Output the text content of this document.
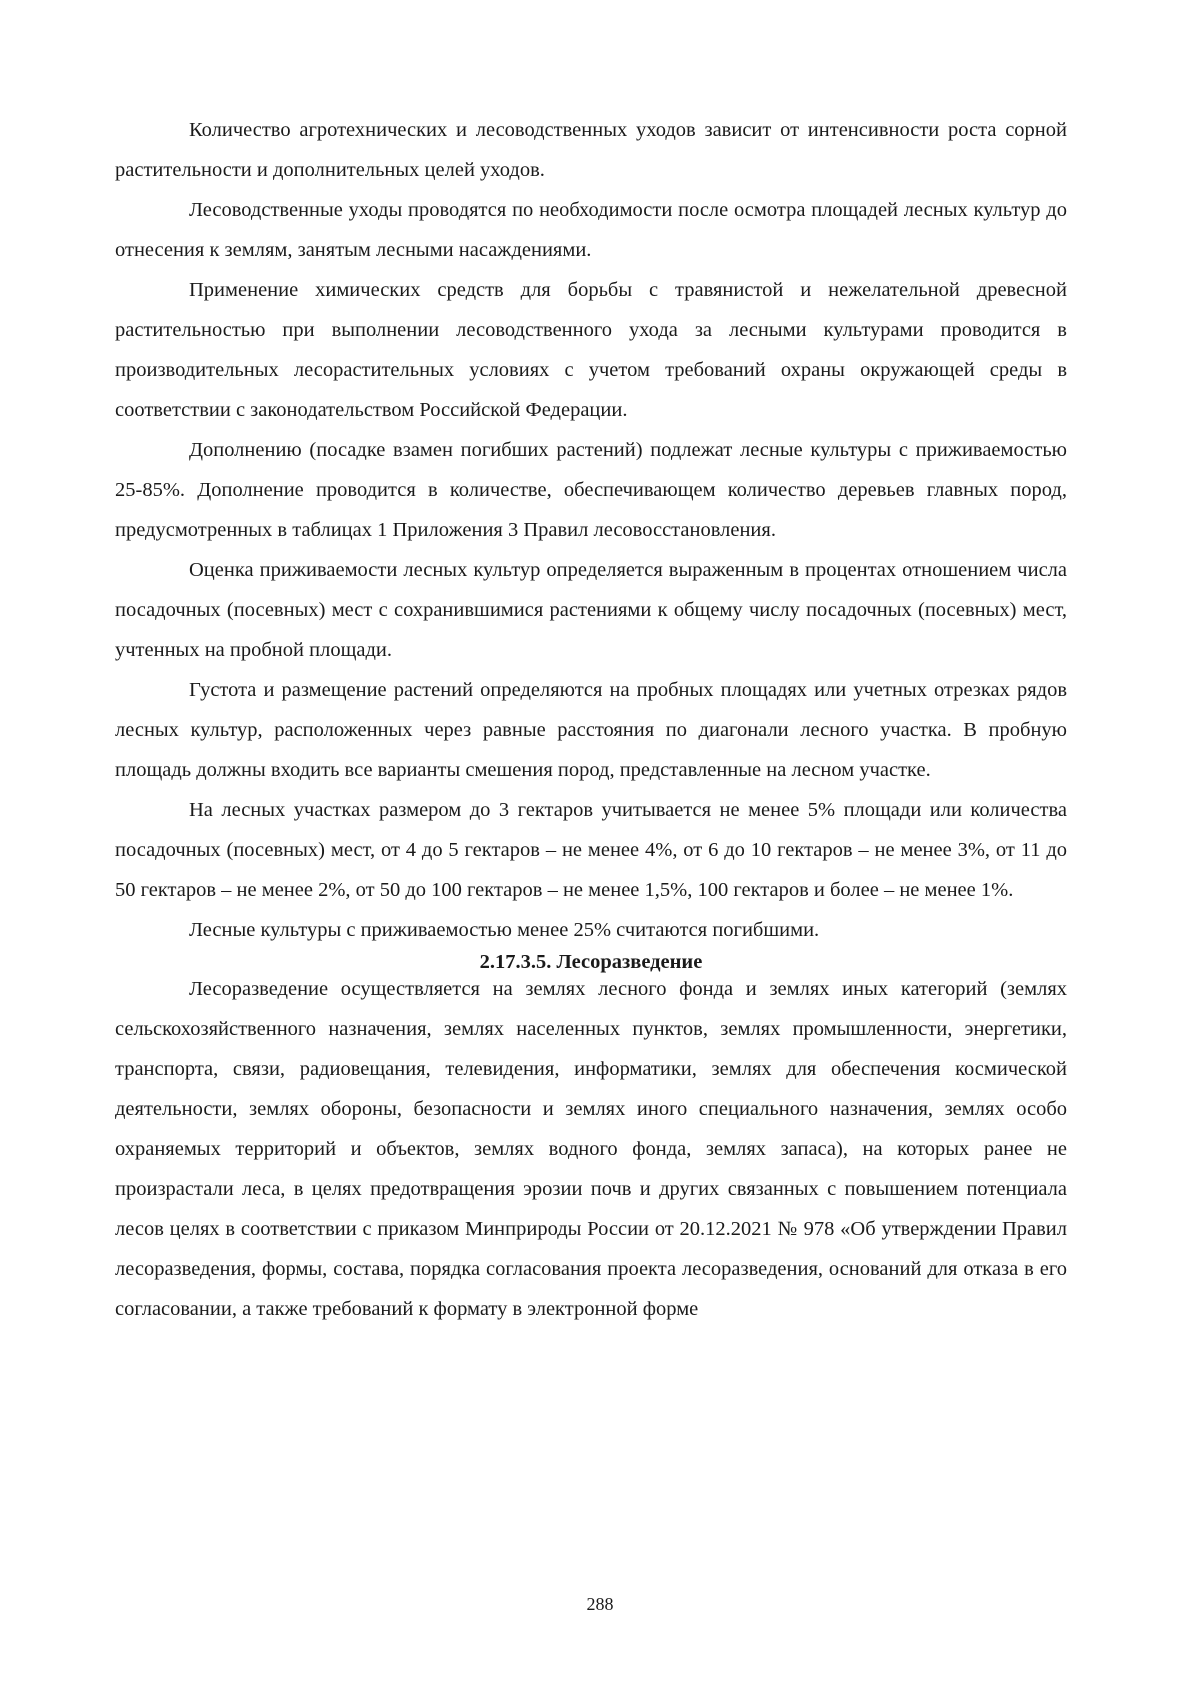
Количество агротехнических и лесоводственных уходов зависит от интенсивности роста сорной растительности и дополнительных целей уходов.

Лесоводственные уходы проводятся по необходимости после осмотра площадей лесных культур до отнесения к землям, занятым лесными насаждениями.

Применение химических средств для борьбы с травянистой и нежелательной древесной растительностью при выполнении лесоводственного ухода за лесными культурами проводится в производительных лесорастительных условиях с учетом требований охраны окружающей среды в соответствии с законодательством Российской Федерации.

Дополнению (посадке взамен погибших растений) подлежат лесные культуры с приживаемостью 25-85%. Дополнение проводится в количестве, обеспечивающем количество деревьев главных пород, предусмотренных в таблицах 1 Приложения 3 Правил лесовосстановления.

Оценка приживаемости лесных культур определяется выраженным в процентах отношением числа посадочных (посевных) мест с сохранившимися растениями к общему числу посадочных (посевных) мест, учтенных на пробной площади.

Густота и размещение растений определяются на пробных площадях или учетных отрезках рядов лесных культур, расположенных через равные расстояния по диагонали лесного участка. В пробную площадь должны входить все варианты смешения пород, представленные на лесном участке.

На лесных участках размером до 3 гектаров учитывается не менее 5% площади или количества посадочных (посевных) мест, от 4 до 5 гектаров – не менее 4%, от 6 до 10 гектаров – не менее 3%, от 11 до 50 гектаров – не менее 2%, от 50 до 100 гектаров – не менее 1,5%, 100 гектаров и более – не менее 1%.

Лесные культуры с приживаемостью менее 25% считаются погибшими.

2.17.3.5. Лесоразведение

Лесоразведение осуществляется на землях лесного фонда и землях иных категорий (землях сельскохозяйственного назначения, землях населенных пунктов, землях промышленности, энергетики, транспорта, связи, радиовещания, телевидения, информатики, землях для обеспечения космической деятельности, землях обороны, безопасности и землях иного специального назначения, землях особо охраняемых территорий и объектов, землях водного фонда, землях запаса), на которых ранее не произрастали леса, в целях предотвращения эрозии почв и других связанных с повышением потенциала лесов целях в соответствии с приказом Минприроды России от 20.12.2021 № 978 «Об утверждении Правил лесоразведения, формы, состава, порядка согласования проекта лесоразведения, оснований для отказа в его согласовании, а также требований к формату в электронной форме

288
